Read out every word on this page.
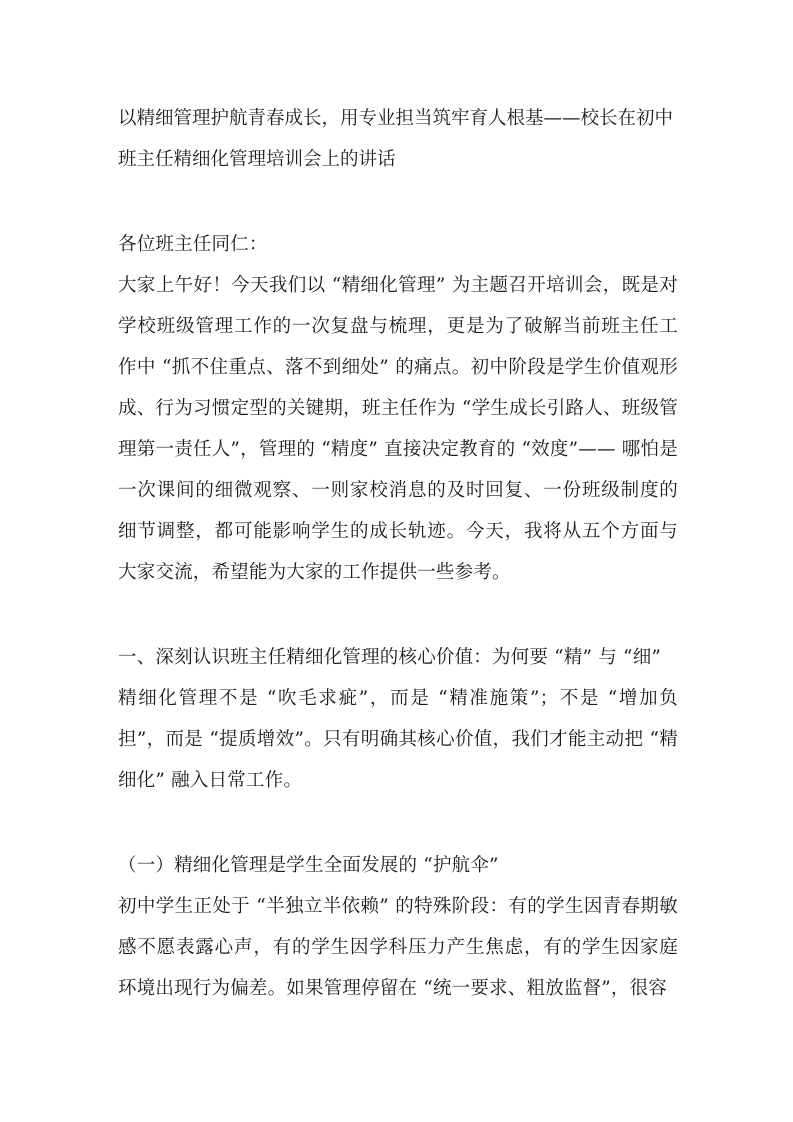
以精细管理护航青春成长，用专业担当筑牢育人根基——校长在初中班主任精细化管理培训会上的讲话

各位班主任同仁：

大家上午好！今天我们以 “精细化管理” 为主题召开培训会，既是对学校班级管理工作的一次复盘与梳理，更是为了破解当前班主任工作中 “抓不住重点、落不到细处” 的痛点。初中阶段是学生价值观形成、行为习惯定型的关键期，班主任作为 “学生成长引路人、班级管理第一责任人”，管理的 “精度” 直接决定教育的 “效度”—— 哪怕是一次课间的细微观察、一则家校消息的及时回复、一份班级制度的细节调整，都可能影响学生的成长轨迹。今天，我将从五个方面与大家交流，希望能为大家的工作提供一些参考。

一、深刻认识班主任精细化管理的核心价值：为何要 “精” 与 “细”

精细化管理不是 “吹毛求疵”，而是 “精准施策”；不是 “增加负担”，而是 “提质增效”。只有明确其核心价值，我们才能主动把 “精细化” 融入日常工作。

（一）精细化管理是学生全面发展的 “护航伞”

初中学生正处于 “半独立半依赖” 的特殊阶段：有的学生因青春期敏感不愿表露心声，有的学生因学科压力产生焦虑，有的学生因家庭环境出现行为偏差。如果管理停留在 “统一要求、粗放监督”，很容
